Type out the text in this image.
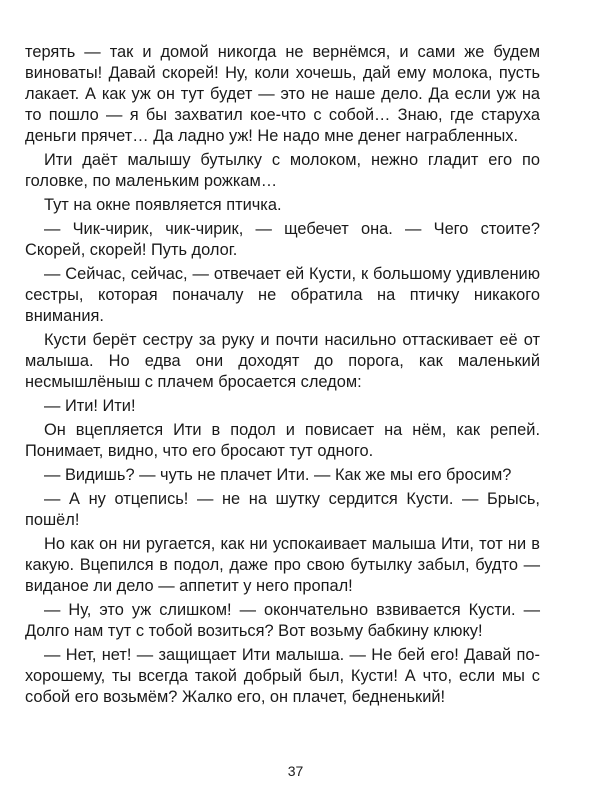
терять — так и домой никогда не вернёмся, и сами же будем виноваты! Давай скорей! Ну, коли хочешь, дай ему молока, пусть лакает. А как уж он тут будет — это не наше дело. Да если уж на то пошло — я бы захватил кое-что с собой… Знаю, где старуха деньги прячет… Да ладно уж! Не надо мне денег награбленных.

Ити даёт малышу бутылку с молоком, нежно гладит его по головке, по маленьким рожкам…

Тут на окне появляется птичка.

— Чик-чирик, чик-чирик, — щебечет она. — Чего стоите? Скорей, скорей! Путь долог.

— Сейчас, сейчас, — отвечает ей Кусти, к большому удивлению сестры, которая поначалу не обратила на птичку никакого внимания.

Кусти берёт сестру за руку и почти насильно оттаскивает её от малыша. Но едва они доходят до порога, как маленький несмышлёныш с плачем бросается следом:

— Ити! Ити!

Он вцепляется Ити в подол и повисает на нём, как репей. Понимает, видно, что его бросают тут одного.

— Видишь? — чуть не плачет Ити. — Как же мы его бросим?

— А ну отцепись! — не на шутку сердится Кусти. — Брысь, пошёл!

Но как он ни ругается, как ни успокаивает малыша Ити, тот ни в какую. Вцепился в подол, даже про свою бутылку забыл, будто — виданое ли дело — аппетит у него пропал!

— Ну, это уж слишком! — окончательно взвивается Кусти. — Долго нам тут с тобой возиться? Вот возьму бабкину клюку!

— Нет, нет! — защищает Ити малыша. — Не бей его! Давай по-хорошему, ты всегда такой добрый был, Кусти! А что, если мы с собой его возьмём? Жалко его, он плачет, бедненький!

37
